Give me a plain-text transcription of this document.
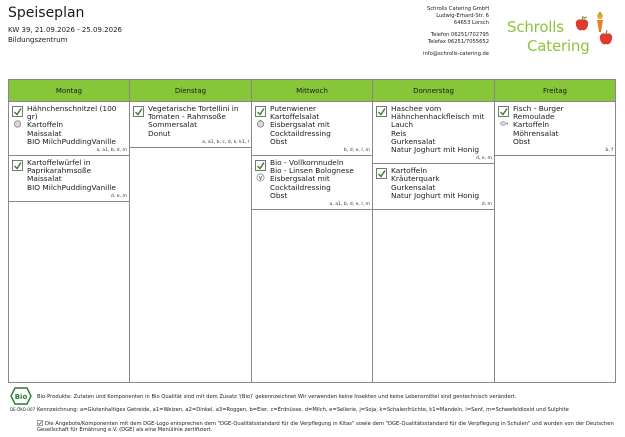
Speiseplan
KW 39, 21.09.2026 - 25.09.2026
Bildungszentrum
Schrolls Catering GmbH
Ludwig-Erhard-Str. 6
64653 Lorsch
Telefon 06251/702795
Telefax 06251/7055652
info@schrolls-catering.de
Schrolls
Catering
Montag
Hähnchenschnitzel (100
gr)
Kartoffeln
Maissalat
BIO MilchPuddingVanille
a, a1, b, d, m
Kartoffelwürfel in
Paprikarahmsoße
Maissalat
BIO MilchPuddingVanille
d, e, m
Dienstag
Vegetarische Tortellini in
Tomaten - Rahmsoße
Sommersalat
Donut
a, a1, b, c, d, k, k1, l
Mittwoch
Putenwiener
Kartoffelsalat
Eisbergsalat mit
Cocktaildressing
Obst
b, d, e, l, m
Bio - Vollkornnudeln
Bio - Linsen Bolognese
Eisbergsalat mit
Cocktaildressing
Obst
a, a1, b, d, e, l, m
Donnerstag
Haschee vom
Hähnchenhackfleisch mit
Lauch
Reis
Gurkensalat
Natur Joghurt mit Honig
d, e, m
Kartoffeln
Kräuterquark
Gurkensalat
Natur Joghurt mit Honig
d, m
Freitag
Fisch - Burger
Remoulade
Kartoffeln
Möhrensalat
Obst
b, f
Bio
DE-ÖKO-007
Bio-Produkte: Zutaten und Komponenten in Bio Qualität sind mit dem Zusatz '(Bio)' gekennzeichnet Wir verwenden keine Insekten und keine Lebensmittel sind gentechnisch verändert.
Kennzeichnung: a=Glutenhaltiges Getreide, a1=Weizen, a2=Dinkel, a3=Roggen, b=Eier, c=Erdnüsse, d=Milch, e=Sellerie, j=Soja, k=Schalenfrüchte, k1=Mandeln, l=Senf, m=Schwefeldioxid und Sulphite
Die Angebote/Komponenten mit dem DGE-Logo entsprechen dem "DGE-Qualitätsstandard für die Verpflegung in Kitas" sowie dem "DGE-Qualitätsstandard für die Verpflegung in Schulen" und wurden von der Deutschen Gesellschaft für Ernährung e.V. (DGE) als eine Menülinie zertifiziert.
